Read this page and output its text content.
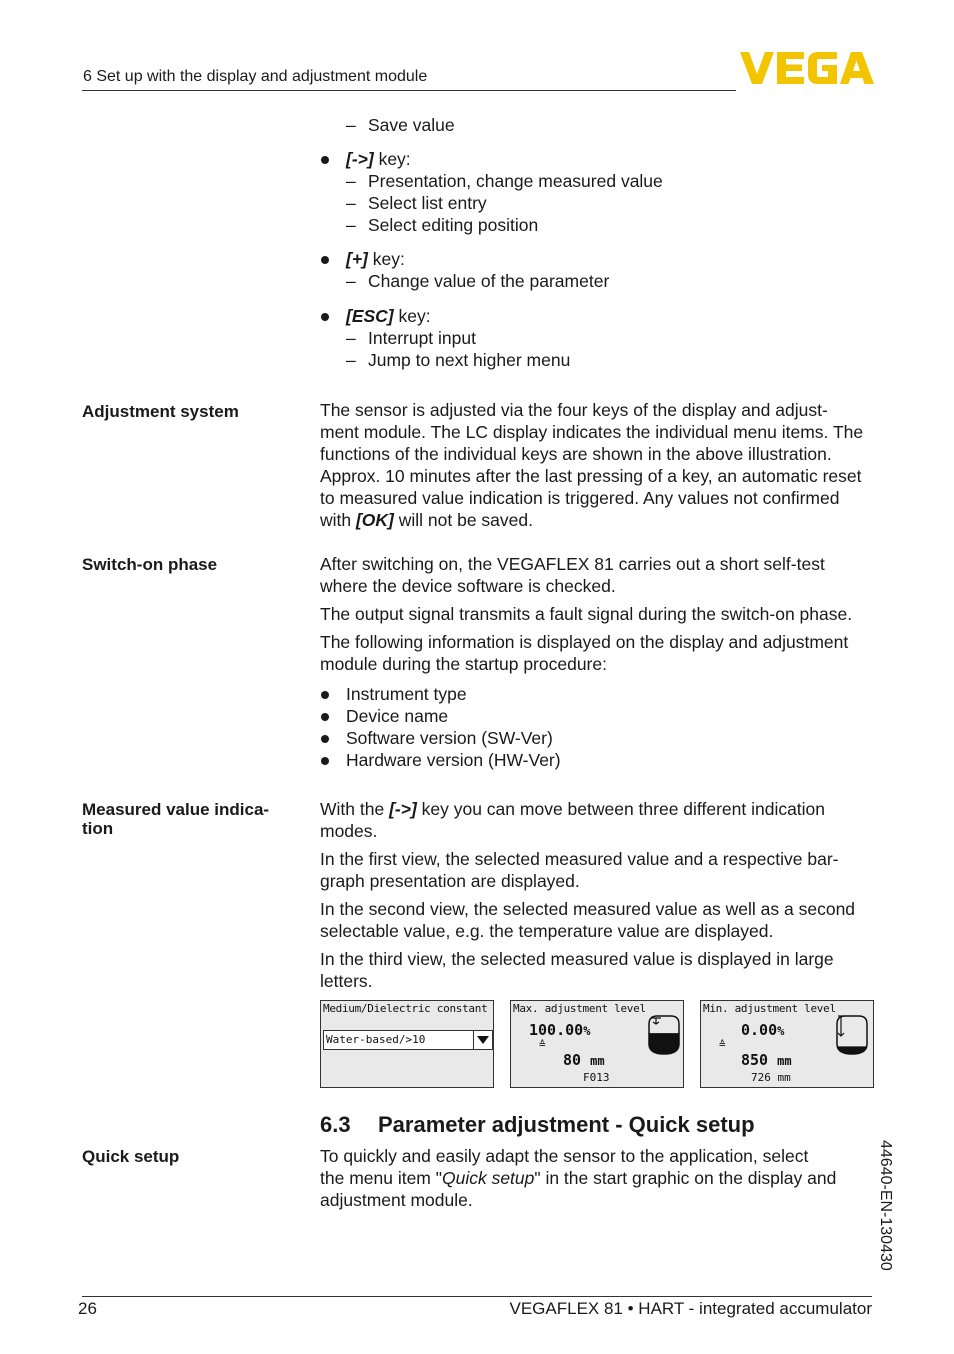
6 Set up with the display and adjustment module
– Save value
[->] key:
– Presentation, change measured value
– Select list entry
– Select editing position
[+] key:
– Change value of the parameter
[ESC] key:
– Interrupt input
– Jump to next higher menu
Adjustment system	The sensor is adjusted via the four keys of the display and adjust-
ment module. The LC display indicates the individual menu items. The
functions of the individual keys are shown in the above illustration.
Approx. 10 minutes after the last pressing of a key, an automatic reset
to measured value indication is triggered. Any values not confirmed
with [OK] will not be saved.
Switch-on phase	After switching on, the VEGAFLEX 81 carries out a short self-test
where the device software is checked.
The output signal transmits a fault signal during the switch-on phase.
The following information is displayed on the display and adjustment
module during the startup procedure:
Instrument type
Device name
Software version (SW-Ver)
Hardware version (HW-Ver)
Measured value indica-
tion
With the [->] key you can move between three different indication
modes.
In the first view, the selected measured value and a respective bar-
graph presentation are displayed.
In the second view, the selected measured value as well as a second
selectable value, e.g. the temperature value are displayed.
In the third view, the selected measured value is displayed in large
letters.
Medium/Dielectric constant
Water-based/>10
Max. adjustment level
100.00%
≙
80 mm
F013
Min. adjustment level
0.00%
≙
850 mm
726 mm
6.3 Parameter adjustment - Quick setup
Quick setup	To quickly and easily adapt the sensor to the application, select
the menu item "Quick setup" in the start graphic on the display and
adjustment module.	44640-EN-130430
26	VEGAFLEX 81 • HART - integrated accumulator
